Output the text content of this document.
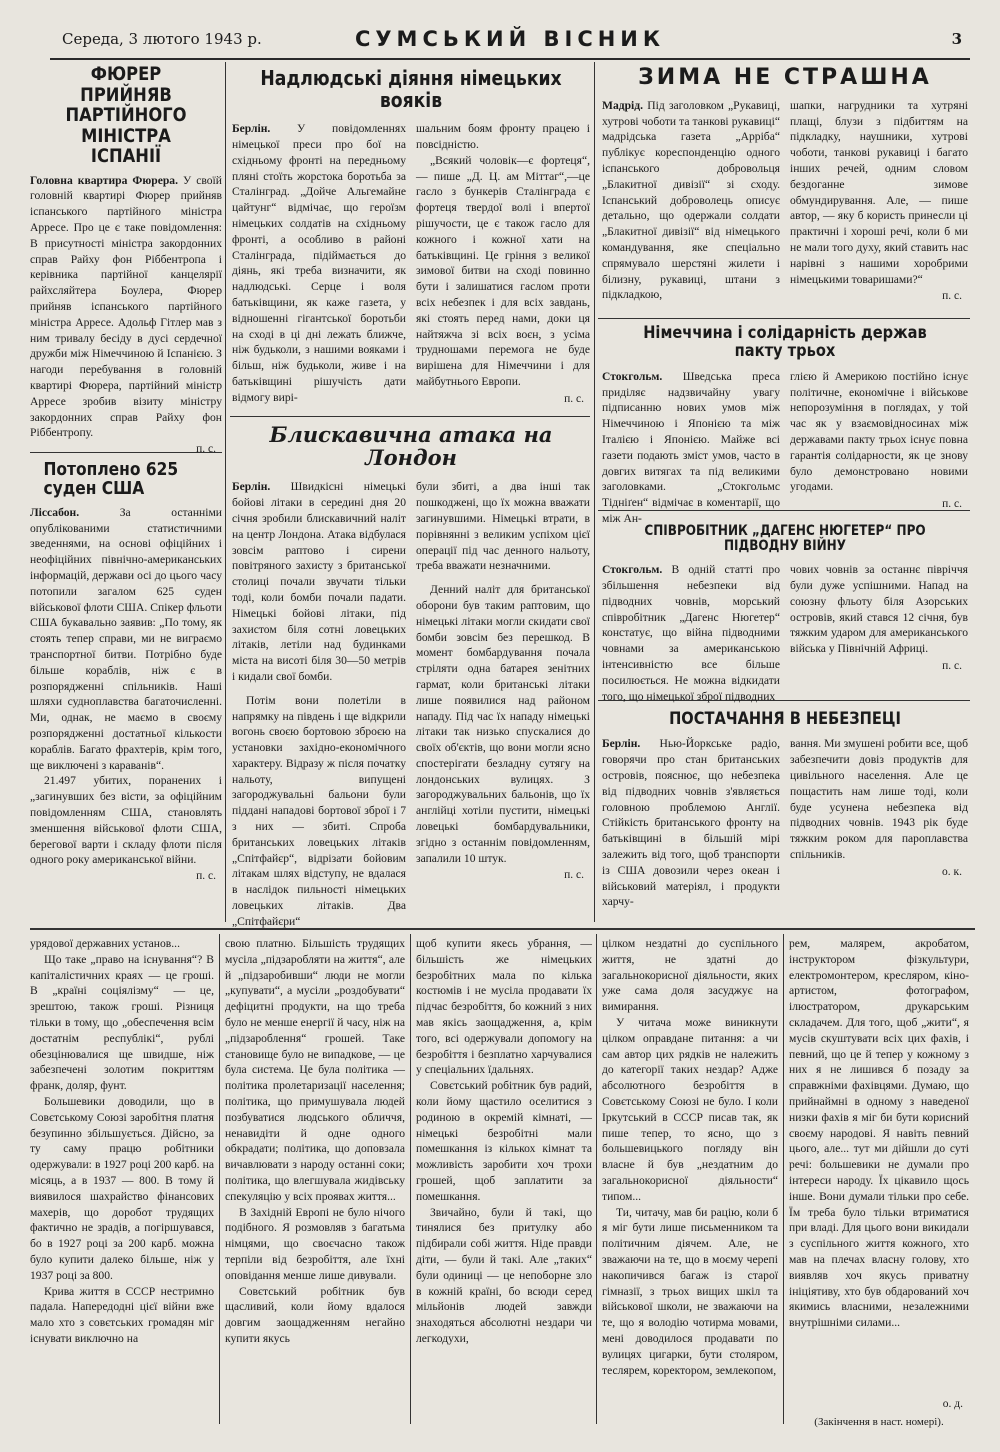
Середа, 3 лютого 1943 р.	СУМСЬКИЙ ВІСНИК	3
ФЮРЕР ПРИЙНЯВ ПАРТІЙНОГО МІНІСТРА ІСПАНІЇ

Головна квартира Фюрера. У своїй головній квартирі Фюрер прийняв іспанського партійного міністра Арресе. Про це є таке повідомлення: В присутності міністра закордонних справ Райху фон Ріббентропа і керівника партійної канцелярії райхсляйтера Боулера, Фюрер прийняв іспанського партійного міністра Арресе. Адольф Гітлер мав з ним тривалу бесіду в дусі сердечної дружби між Німеччиною й Іспанією. З нагоди перебування в головній квартирі Фюрера, партійний міністр Арресе зробив візиту міністру закордонних справ Райху фон Ріббентропу.

п. с.
Потоплено 625 суден США

Ліссабон.	За останніми опублікованими статистичними зведеннями, на основі офіційних і неофіційних північно-американських інформацій, держави осі до цього часу потопили загалом 625 суден військової флоти США. Спікер фльоти США букавально заявив: „По тому, як стоять тепер справи, ми не виграємо транспортної битви. Потрібно буде більше кораблів, ніж є в розпорядженні спільників. Наші шляхи судноплавства багаточисленні. Ми, однак, не маємо в своєму розпорядженні достатньої кількости кораблів. Багато фрахтерів, крім того, ще виключені з караванів“.

21.497 убитих, поранених і „загинувших без вісти, за офіційним повідомленням США, становлять зменшення військової флоти США, берегової варти і складу флоти після одного року американської війни.

п. с.
Надлюдські діяння німецьких вояків

Берлін. У повідомленнях німецької преси про бої на східньому фронті на передньому пляні стоїть жорстока боротьба за Сталінград. „Дойче Альгемайне цайтунг“ відмічає, що героїзм німецьких солдатів на східньому фронті, а особливо в районі Сталінграда, підіймається до діянь, які треба визначити, як надлюдські. Серце і воля батьківщини, як каже газета, у відношенні гігантської боротьби на сході в ці дні лежать ближче, ніж будьколи, з нашими вояками і більш, ніж будьколи, живе і на батьківщині рішучість дати відмогу вирі-

шальним боям фронту працею і повсідністю.

„Всякий чоловік—є фортеця“, — пише „Д. Ц. ам Міттаг“,—це гасло з бункерів Сталінграда є фортеця твердої волі і впертої рішучости, це є також гасло для кожного і кожної хати на батьківщині. Це гріння з великої зимової битви на сході повинно бути і залишатися гаслом проти всіх небезпек і для всіх завдань, які стоять перед нами, доки ця найтяжча зі всіх воєн, з усіма трудношами перемога не буде вирішена для Німеччини і для майбутнього Европи.

п. с.
Блискавична атака на Лондон

Берлін. Швидкісні німецькі бойові літаки в середині дня 20 січня зробили блискавичний наліт на центр Лондона. Атака відбулася зовсім раптово і сирени повітряного захисту з британської столиці почали звучати тільки тоді, коли бомби почали падати. Німецькі бойові літаки, під захистом біля сотні ловецьких літаків, летіли над будинками міста на висоті біля 30—50 метрів і кидали свої бомби.

Потім вони полетіли в напрямку на південь і ще відкрили вогонь своєю бортовою зброєю на установки західно-економічного характеру. Відразу ж після початку нальоту, випущені загороджувальні бальони були піддані нападові бортової зброї і 7 з них — збиті. Спроба британських ловецьких літаків „Спітфайєр“, відрізати бойовим літакам шлях відступу, не вдалася в наслідок пильності німецьких ловецьких літаків. Два „Спітфайєри“

були збиті, а два інші так пошкоджені, що їх можна вважати загинувшими. Німецькі втрати, в порівнянні з великим успіхом цієї операції під час денного нальоту, треба вважати незначними.

Денний наліт для британської оборони був таким раптовим, що німецькі літаки могли скидати свої бомби зовсім без перешкод. В момент бомбардування почала стріляти одна батарея зенітних гармат, коли британські літаки лише появилися над районом нападу. Під час їх нападу німецькі літаки так низько спускалися до своїх об'єктів, що вони могли ясно спостерігати безладну сутягу на лондонських вулицях. З загороджувальних бальонів, що їх англійці хотіли пустити, німецькі ловецькі бомбардувальники, згідно з останнім повідомленням, запалили 10 штук.

п. с.
ЗИМА НЕ СТРАШНА

Мадрід. Під заголовком „Рукавиці, хутрові чоботи та танкові рукавиці“ мадрідська газета „Арріба“ публікує кореспонденцію одного іспанського добровольця „Блакитної дивізії“ зі сходу. Іспанський доброволець описує детально, що одержали солдати „Блакитної дивізії“ від німецького командування, яке спеціально спрямувало шерстяні жилети і білизну, рукавиці, штани з підкладкою,

шапки, нагрудники та хутряні плащі, блузи з підбиттям на підкладку, наушники, хутрові чоботи, танкові рукавиці і багато інших речей, одним словом бездоганне зимове обмундирування. Але, — пише автор, — яку б користь принесли ці практичні і хороші речі, коли б ми не мали того духу, який ставить нас нарівні з нашими хоробрими німецькими товаришами?“

п. с.
Німеччина і солідарність держав пакту трьох

Стокгольм. Шведська преса приділяє надзвичайну увагу підписанню нових умов між Німеччиною і Японією та між Італією і Японією. Майже всі газети подають зміст умов, часто в довгих витягах та під великими заголовками. „Стокгольмс Тідніґен“ відмічає в коментарії, що між Ан-

глією й Америкою постійно існує політичне, економічне і військове непорозуміння в поглядах, у той час як у взаємовідносинах між державами пакту трьох існує повна гарантія солідарности, як це знову було демонстровано новими угодами.

п. с.
СПІВРОБІТНИК „ДАГЕНС НЮГЕТЕР“ ПРО ПІДВОДНУ ВІЙНУ

Стокгольм. В одній статті про збільшення небезпеки від підводних човнів, морський співробітник „Дагенс Нюгетер“ констатує, що війна підводними човнами за американською інтенсивністю все більше посилюється. Не можна відкидати того, що німецької зброї підводних

чових човнів за останнє півріччя були дуже успішними. Напад на союзну фльоту біля Азорських островів, який стався 12 січня, був тяжким ударом для американського війська у Північній Африці.

п. с.
ПОСТАЧАННЯ В НЕБЕЗПЕЦІ

Берлін. Нью-Йоркське радіо, говорячи про стан британських островів, пояснює, що небезпека від підводних човнів з'являється головною проблемою Англії. Стійкість британського фронту на батьківщині в більшій мірі залежить від того, щоб транспорти із США довозили через океан і військовий матеріял, і продукти харчу-

вання. Ми змушені робити все, щоб забезпечити довіз продуктів для цивільного населення. Але це пощастить нам лише тоді, коли буде усунена небезпека від підводних човнів. 1943 рік буде тяжким роком для пароплавства спільників.

о. к.

урядової державних установ...

Що таке „право на існування“? В капіталістичних краях — це гроші. В „країні соціялізму“ — це, зрештою, також гроші. Різниця тільки в тому, що „обеспечення всім достатнім республікі“, рублі обезцінювалися ще швидше, ніж забезпечені золотим покриттям франк, доляр, фунт.

Большевики доводили, що в Совєтському Союзі заробітня платня безупинно збільшується. Дійсно, за ту саму працю робітники одержували: в 1927 році 200 карб. на місяць, а в 1937 — 800. В тому й виявилося шахрайство фінансових махерів, що доробот трудящих фактично не зрадів, а погіршувався, бо в 1927 році за 200 карб. можна було купити далеко більше, ніж у 1937 році за 800.

Крива життя в СССР нестримно падала. Напередодні цієї війни вже мало хто з совєтських громадян міг існувати виключно на

свою платню. Більшість трудящих мусіла „підзаробляти на життя“, але й „підзаробивши“ люди не могли „купувати“, а мусіли „роздобувати“ дефіцитні продукти, на що треба було не менше енергії й часу, ніж на „підзароблення“ грошей. Таке становище було не випадкове, — це була система. Це була політика — політика пролетаризації населення; політика, що примушувала людей позбуватися людського обличчя, ненавидіти й одне одного обкрадати; політика, що доповзала вичавлювати з народу останні соки; політика, що влегшувала жидівську спекуляцію у всіх проявах життя...

В Західній Европі не було нічого подібного. Я розмовляв з багатьма німцями, що своєчасно також терпіли від безробіття, але їхні оповідання менше лише дивували.

Совєтський робітник був щасливий, коли йому вдалося довгим заощадженням негайно купити якусь

щоб купити якесь убрання, — більшість же німецьких безробітних мала по кілька костюмів і не мусіла продавати їх підчас безробіття, бо кожний з них мав якісь заощадження, а, крім того, всі одержували допомогу на безробіття і безплатно харчувалися у спеціальних їдальнях.

Совєтський робітник був радий, коли йому щастило оселитися з родиною в окремій кімнаті, — німецькі безробітні мали помешкання із кількох кімнат та можливість заробити хоч трохи грошей, щоб заплатити за помешкання.

Звичайно, були й такі, що тинялися без притулку або підбирали собі життя. Ніде правди діти, — були й такі. Але „таких“ були одиниці — це непоборне зло в кожній країні, бо всюди серед мільйонів людей завжди знаходяться абсолютні нездари чи легкодухи,

цілком нездатні до суспільного життя, не здатні до загальнокорисної діяльности, яких уже сама доля засуджує на вимирання.

У читача може виникнути цілком оправдане питання: а чи сам автор цих рядків не належить до категорії таких нездар? Адже абсолютного безробіття в Совєтському Союзі не було. І коли Іркутський в СССР писав так, як пише тепер, то ясно, що з большевицького погляду він власне й був „нездатним до загальнокорисної діяльности“ типом...

Ти, читачу, мав би рацію, коли б я міг бути лише письменником та політичним діячем. Але, не зважаючи на те, що в моєму черепі накопичився багаж із старої гімназії, з трьох вищих шкіл та військової школи, не зважаючи на те, що я володію чотирма мовами, мені доводилося продавати по вулицях цигарки, бути столяром, теслярем, коректором, землекопом,

рем, малярем, акробатом, інструктором фізкультури, електромонтером, кресляром, кіно-артистом, фотографом, ілюстратором, друкарським складачем. Для того, щоб „жити“, я мусів скуштувати всіх цих фахів, і певний, що це й тепер у кожному з них я не лишився б позаду за справжніми фахівцями. Думаю, що прийнаймні в одному з наведеної низки фахів я міг би бути корисний своєму народові. Я навіть певний цього, але... тут ми дійшли до суті речі: большевики не думали про інтереси народу. Їх цікавило щось інше. Вони думали тільки про себе. Їм треба було тільки втриматися при владі. Для цього вони викидали з суспільного життя кожного, хто мав на плечах власну голову, хто виявляв хоч якусь приватну ініціятиву, хто був обдарований хоч якимись власними, незалежними внутрішніми силами...

о. д.
(Закінчення в наст. номері).
